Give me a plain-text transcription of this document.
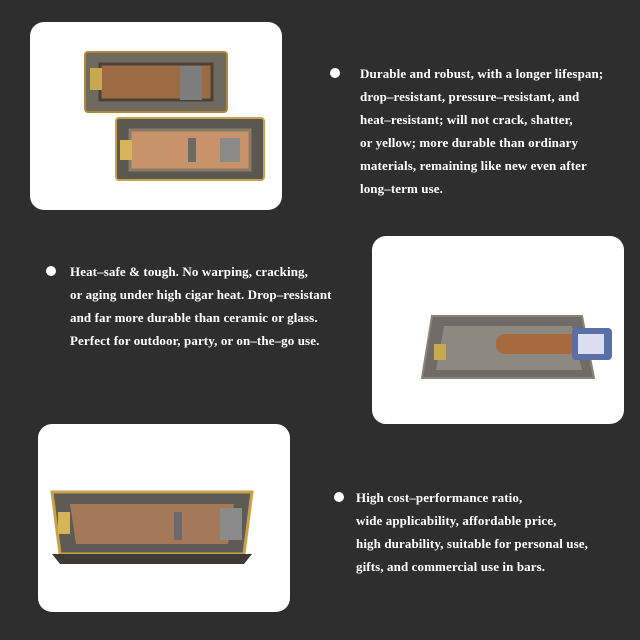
Durable and robust, with a longer lifespan;
drop–resistant, pressure–resistant, and
heat–resistant; will not crack, shatter,
or yellow; more durable than ordinary
materials, remaining like new even after
long–term use.
Heat–safe & tough. No warping, cracking,
or aging under high cigar heat. Drop–resistant
and far more durable than ceramic or glass.
Perfect for outdoor, party, or on–the–go use.
High cost–performance ratio,
wide applicability, affordable price,
high durability, suitable for personal use,
gifts, and commercial use in bars.
